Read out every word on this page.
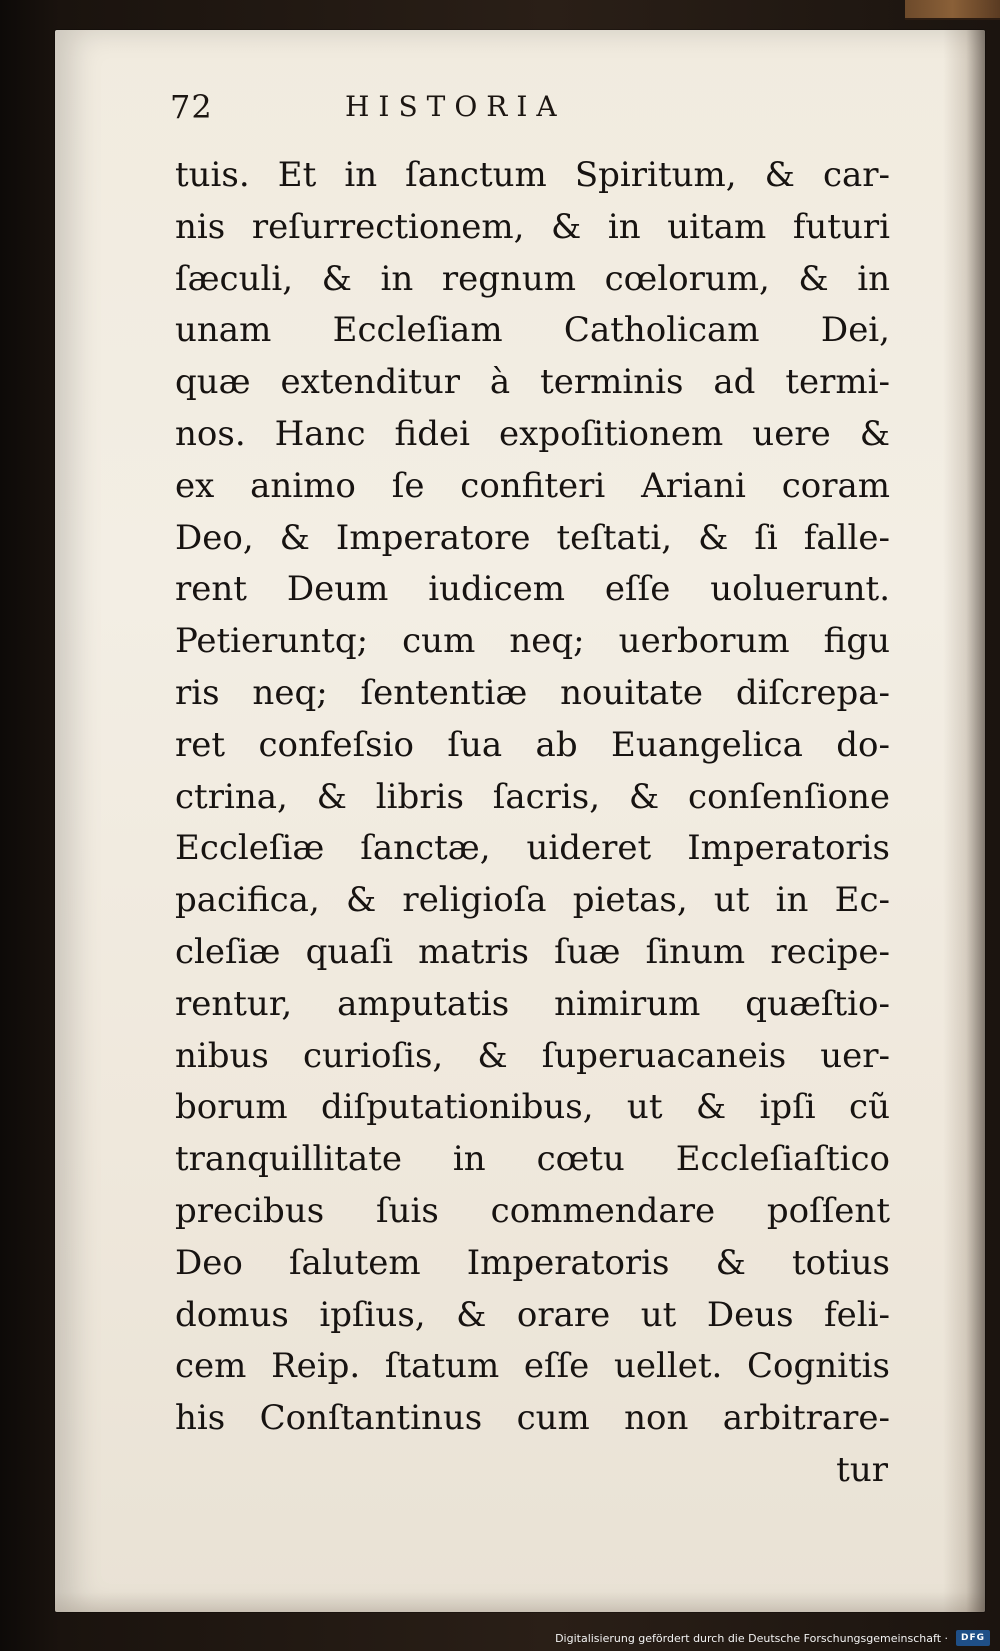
72	HISTORIA
tuis. Et in ſanctum Spiritum, & car-
nis reſurrectionem, & in uitam futuri
ſæculi, & in regnum cœlorum, & in
unam Eccleſiam Catholicam Dei,
quæ extenditur à terminis ad termi-
nos. Hanc fidei expoſitionem uere &
ex animo ſe confiteri Ariani coram
Deo, & Imperatore teſtati, & ſi falle-
rent Deum iudicem eſſe uoluerunt.
Petieruntq; cum neq; uerborum figu
ris neq; ſententiæ nouitate diſcrepa-
ret confeſsio ſua ab Euangelica do-
ctrina, & libris ſacris, & conſenſione
Eccleſiæ ſanctæ, uideret Imperatoris
pacifica, & religioſa pietas, ut in Ec-
cleſiæ quaſi matris ſuæ ſinum recipe-
rentur, amputatis nimirum quæſtio-
nibus curioſis, & ſuperuacaneis uer-
borum diſputationibus, ut & ipſi cũ
tranquillitate in cœtu Eccleſiaſtico
precibus ſuis commendare poſſent
Deo ſalutem Imperatoris & totius
domus ipſius, & orare ut Deus feli-
cem Reip. ſtatum eſſe uellet. Cognitis
his Conſtantinus cum non arbitrare-
tur
Digitalisierung gefördert durch die Deutsche Forschungsgemeinschaft · DFG
